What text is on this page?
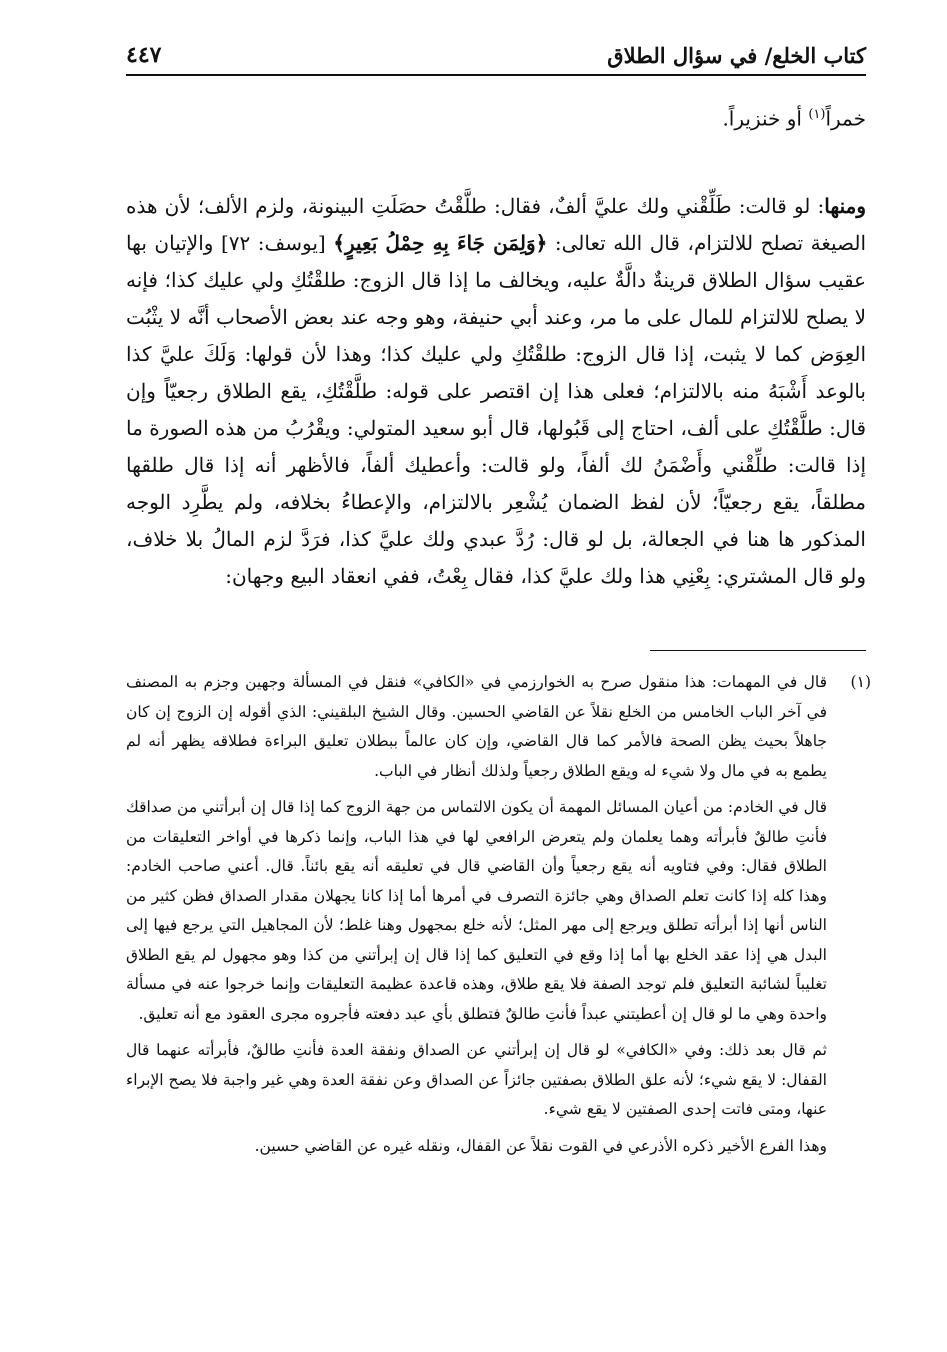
كتاب الخلع/ في سؤال الطلاق
٤٤٧

خمراً$^{(١)}$ أو خنزيراً.

ومنها: لو قالت: طَلِّقْني ولك عليَّ ألفٌ، فقال: طلَّقْتُ حصَلَتِ البينونة، ولزم الألف؛ لأن هذه الصيغة تصلح للالتزام، قال الله تعالى: ﴿وَلِمَن جَاءَ بِهِ حِمْلُ بَعِيرٍ﴾ [يوسف: ٧٢] والإتيان بها عقيب سؤال الطلاق قرينةٌ دالَّةٌ عليه، ويخالف ما إذا قال الزوج: طلقْتُكِ ولي عليك كذا؛ فإنه لا يصلح للالتزام للمال على ما مر، وعند أبي حنيفة، وهو وجه عند بعض الأصحاب أنَّه لا يثْبُت العِوَض كما لا يثبت، إذا قال الزوج: طلقْتُكِ ولي عليك كذا؛ وهذا لأن قولها: وَلَكَ عليَّ كذا بالوعد أَشْبَهُ منه بالالتزام؛ فعلى هذا إن اقتصر على قوله: طلَّقْتُكِ، يقع الطلاق رجعيّاً وإن قال: طلَّقْتُكِ على ألف، احتاج إلى قَبُولها، قال أبو سعيد المتولي: ويقْرُبُ من هذه الصورة ما إذا قالت: طلِّقْني وأَضْمَنُ لك ألفاً، ولو قالت: وأعطيك ألفاً، فالأظهر أنه إذا قال طلقها مطلقاً، يقع رجعيّاً؛ لأن لفظ الضمان يُشْعِر بالالتزام، والإعطاءُ بخلافه، ولم يطَّرِد الوجه المذكور ها هنا في الجعالة، بل لو قال: رُدَّ عبدي ولك عليَّ كذا، فرَدَّ لزم المالُ بلا خلاف، ولو قال المشتري: بِعْنِي هذا ولك عليَّ كذا، فقال بِعْتُ، ففي انعقاد البيع وجهان:

(١)

قال في المهمات: هذا منقول صرح به الخوارزمي في «الكافي» فنقل في المسألة وجهين وجزم به المصنف في آخر الباب الخامس من الخلع نقلاً عن القاضي الحسين. وقال الشيخ البلقيني: الذي أقوله إن الزوج إن كان جاهلاً بحيث يظن الصحة فالأمر كما قال القاضي، وإن كان عالماً ببطلان تعليق البراءة فطلاقه يظهر أنه لم يطمع به في مال ولا شيء له ويقع الطلاق رجعياً ولذلك أنظار في الباب.

قال في الخادم: من أعيان المسائل المهمة أن يكون الالتماس من جهة الزوج كما إذا قال إن أبرأتني من صداقك فأنتِ طالقٌ فأبرأته وهما يعلمان ولم يتعرض الرافعي لها في هذا الباب، وإنما ذكرها في أواخر التعليقات من الطلاق فقال: وفي فتاويه أنه يقع رجعياً وأن القاضي قال في تعليقه أنه يقع بائناً. قال. أعني صاحب الخادم: وهذا كله إذا كانت تعلم الصداق وهي جائزة التصرف في أمرها أما إذا كانا يجهلان مقدار الصداق فظن كثير من الناس أنها إذا أبرأته تطلق ويرجع إلى مهر المثل؛ لأنه خلع بمجهول وهنا غلط؛ لأن المجاهيل التي يرجع فيها إلى البدل هي إذا عقد الخلع بها أما إذا وقع في التعليق كما إذا قال إن إبرأتني من كذا وهو مجهول لم يقع الطلاق تغليباً لشائبة التعليق فلم توجد الصفة فلا يقع طلاق، وهذه قاعدة عظيمة التعليقات وإنما خرجوا عنه في مسألة واحدة وهي ما لو قال إن أعطيتني عبداً فأنتِ طالقٌ فتطلق بأي عبد دفعته فأجروه مجرى العقود مع أنه تعليق.

ثم قال بعد ذلك: وفي «الكافي» لو قال إن إبرأتني عن الصداق ونفقة العدة فأنتِ طالقٌ، فأبرأته عنهما قال القفال: لا يقع شيء؛ لأنه علق الطلاق بصفتين جائزاً عن الصداق وعن نفقة العدة وهي غير واجبة فلا يصح الإبراء عنها، ومتى فاتت إحدى الصفتين لا يقع شيء.

وهذا الفرع الأخير ذكره الأذرعي في القوت نقلاً عن القفال، ونقله غيره عن القاضي حسين.
